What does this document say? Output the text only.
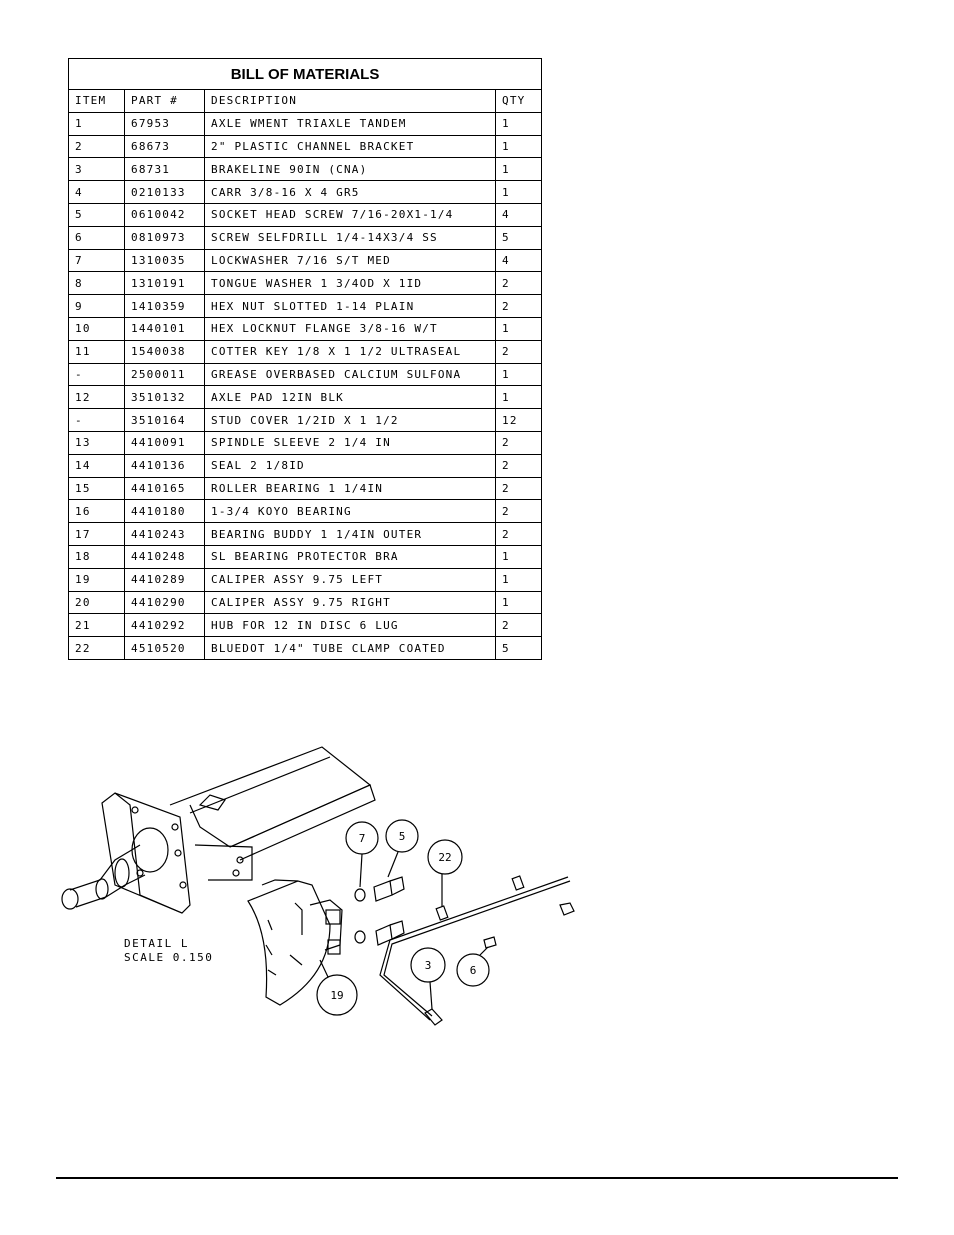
BILL OF MATERIALS			
ITEM	PART #	DESCRIPTION	QTY
1	67953	AXLE WMENT TRIAXLE TANDEM	1
2	68673	2" PLASTIC CHANNEL BRACKET	1
3	68731	BRAKELINE 90IN (CNA)	1
4	0210133	CARR 3/8-16 X 4 GR5	1
5	0610042	SOCKET HEAD SCREW 7/16-20X1-1/4	4
6	0810973	SCREW SELFDRILL 1/4-14X3/4 SS	5
7	1310035	LOCKWASHER 7/16 S/T MED	4
8	1310191	TONGUE WASHER 1 3/4OD X 1ID	2
9	1410359	HEX NUT SLOTTED 1-14 PLAIN	2
10	1440101	HEX LOCKNUT FLANGE 3/8-16 W/T	1
11	1540038	COTTER KEY 1/8 X 1 1/2 ULTRASEAL	2
-	2500011	GREASE OVERBASED CALCIUM SULFONA	1
12	3510132	AXLE PAD 12IN BLK	1
-	3510164	STUD COVER 1/2ID X 1 1/2	12
13	4410091	SPINDLE SLEEVE 2 1/4 IN	2
14	4410136	SEAL 2 1/8ID	2
15	4410165	ROLLER BEARING 1 1/4IN	2
16	4410180	1-3/4 KOYO BEARING	2
17	4410243	BEARING BUDDY 1 1/4IN OUTER	2
18	4410248	SL BEARING PROTECTOR BRA	1
19	4410289	CALIPER ASSY 9.75 LEFT	1
20	4410290	CALIPER ASSY 9.75 RIGHT	1
21	4410292	HUB FOR 12 IN DISC 6 LUG	2
22	4510520	BLUEDOT 1/4" TUBE CLAMP COATED	5
DETAIL L
SCALE 0.150
7	5
22
3	6
19
